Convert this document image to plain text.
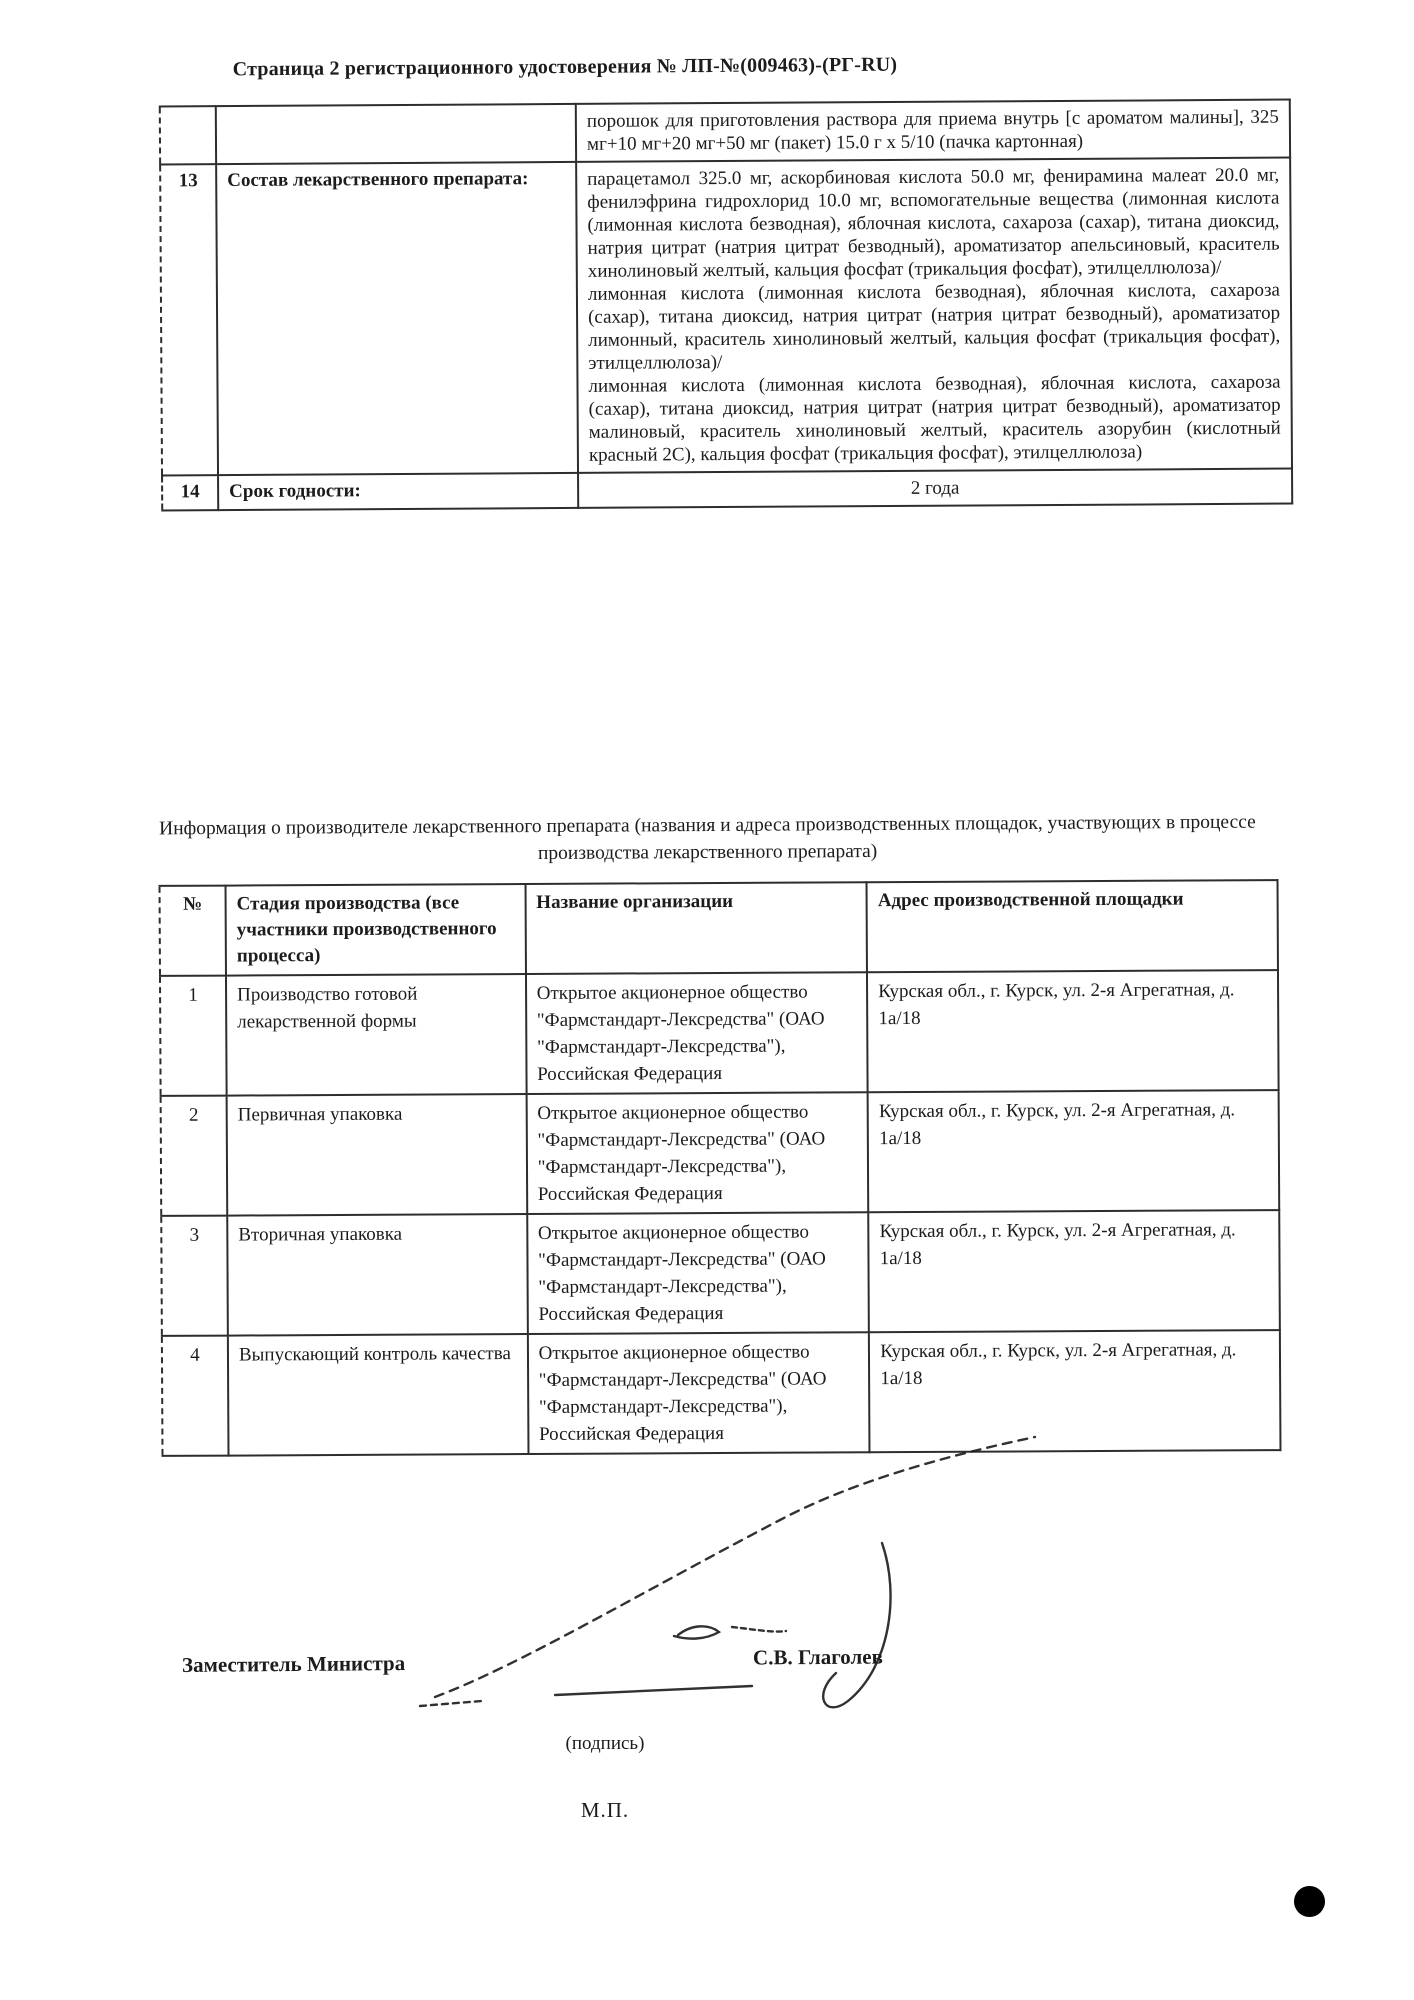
Страница 2 регистрационного удостоверения № ЛП-№(009463)-(РГ-RU)
		порошок для приготовления раствора для приема внутрь [с ароматом малины], 325 мг+10 мг+20 мг+50 мг (пакет) 15.0 г х 5/10 (пачка картонная)
13	Состав лекарственного препарата:	парацетамол 325.0 мг, аскорбиновая кислота 50.0 мг, фенирамина малеат 20.0 мг, фенилэфрина гидрохлорид 10.0 мг, вспомогательные вещества (лимонная кислота (лимонная кислота безводная), яблочная кислота, сахароза (сахар), титана диоксид, натрия цитрат (натрия цитрат безводный), ароматизатор апельсиновый, краситель хинолиновый желтый, кальция фосфат (трикальция фосфат), этилцеллюлоза)/

лимонная кислота (лимонная кислота безводная), яблочная кислота, сахароза (сахар), титана диоксид, натрия цитрат (натрия цитрат безводный), ароматизатор лимонный, краситель хинолиновый желтый, кальция фосфат (трикальция фосфат), этилцеллюлоза)/

лимонная кислота (лимонная кислота безводная), яблочная кислота, сахароза (сахар), титана диоксид, натрия цитрат (натрия цитрат безводный), ароматизатор малиновый, краситель хинолиновый желтый, краситель азорубин (кислотный красный 2С), кальция фосфат (трикальция фосфат), этилцеллюлоза)

14	Срок годности:	2 года
Информация о производителе лекарственного препарата (названия и адреса производственных площадок, участвующих в процессе производства лекарственного препарата)
№	Стадия производства (все участники производственного процесса)	Название организации	Адрес производственной площадки
1	Производство готовой лекарственной формы	Открытое акционерное общество "Фармстандарт-Лексредства" (ОАО "Фармстандарт-Лексредства"), Российская Федерация	Курская обл., г. Курск, ул. 2-я Агрегатная, д. 1а/18
2	Первичная упаковка	Открытое акционерное общество "Фармстандарт-Лексредства" (ОАО "Фармстандарт-Лексредства"), Российская Федерация	Курская обл., г. Курск, ул. 2-я Агрегатная, д. 1а/18
3	Вторичная упаковка	Открытое акционерное общество "Фармстандарт-Лексредства" (ОАО "Фармстандарт-Лексредства"), Российская Федерация	Курская обл., г. Курск, ул. 2-я Агрегатная, д. 1а/18
4	Выпускающий контроль качества	Открытое акционерное общество "Фармстандарт-Лексредства" (ОАО "Фармстандарт-Лексредства"), Российская Федерация	Курская обл., г. Курск, ул. 2-я Агрегатная, д. 1а/18
Заместитель Министра	С.В. Глаголев
(подпись)
М.П.
